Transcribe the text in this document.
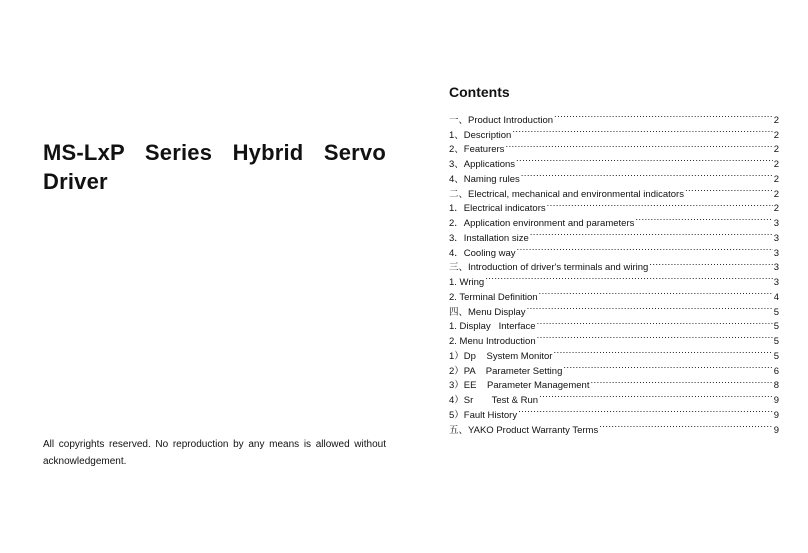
MS-LxP Series Hybrid Servo Driver

All copyrights reserved. No reproduction by any means is allowed without acknowledgement.

Contents
一、Product Introduction .....	2
1、Description .....	2
2、Featurers .....	2
3、Applications .....	2
4、Naming rules .....	2
二、Electrical, mechanical and environmental indicators .....	2
1．Electrical indicators .....	2
2．Application environment and parameters .....	3
3．Installation size .....	3
4．Cooling way .....	3
三、Introduction of driver's terminals and wiring .....	3
1. Wring .....	3
2. Terminal Definition .....	4
四、Menu Display .....	5
1. Display   Interface .....	5
2. Menu Introduction .....	5
1）Dp    System Monitor .....	5
2）PA    Parameter Setting .....	6
3）EE    Parameter Management .....	8
4）Sr       Test & Run .....	9
5）Fault History .....	9
五、YAKO Product Warranty Terms .....	9
